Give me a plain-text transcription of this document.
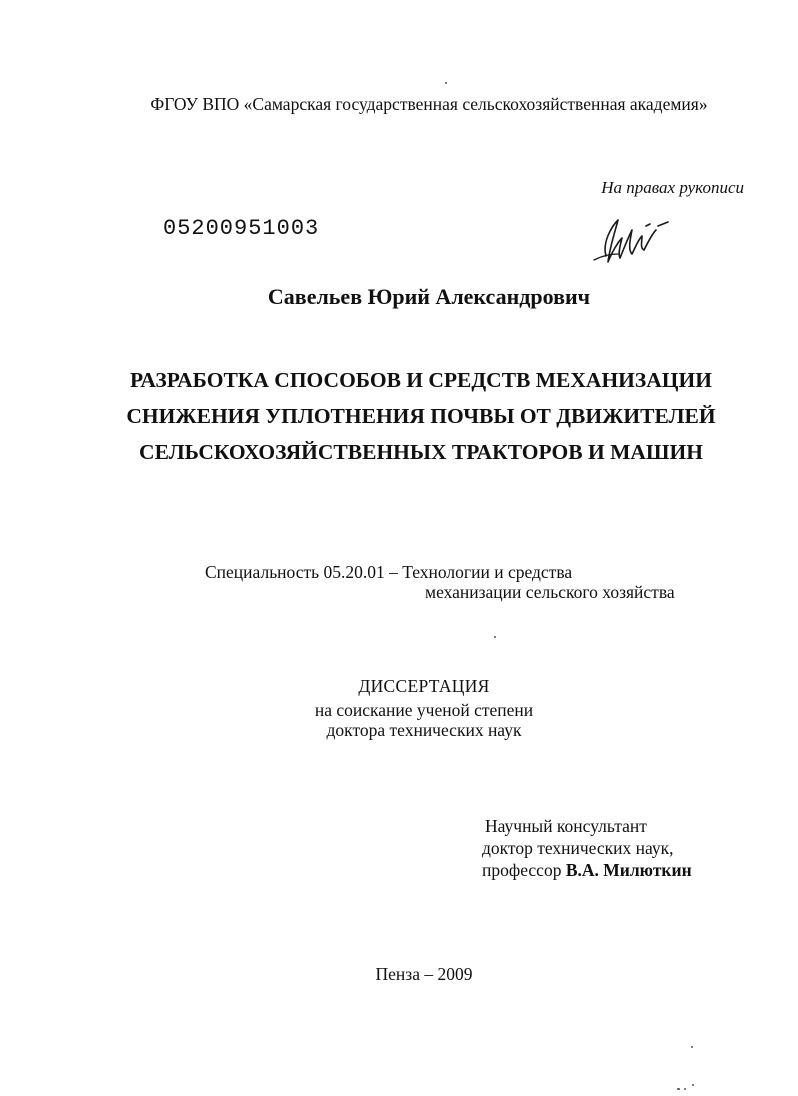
ФГОУ ВПО «Самарская государственная сельскохозяйственная академия»

На правах рукописи

05200951003

Савельев Юрий Александрович

РАЗРАБОТКА СПОСОБОВ И СРЕДСТВ МЕХАНИЗАЦИИ

СНИЖЕНИЯ УПЛОТНЕНИЯ ПОЧВЫ ОТ ДВИЖИТЕЛЕЙ

СЕЛЬСКОХОЗЯЙСТВЕННЫХ ТРАКТОРОВ И МАШИН

Специальность 05.20.01 – Технологии и средства

механизации сельского хозяйства

ДИССЕРТАЦИЯ

на соискание ученой степени

доктора технических наук

Научный консультант

доктор технических наук,

профессор В.А. Милюткин

Пенза – 2009
